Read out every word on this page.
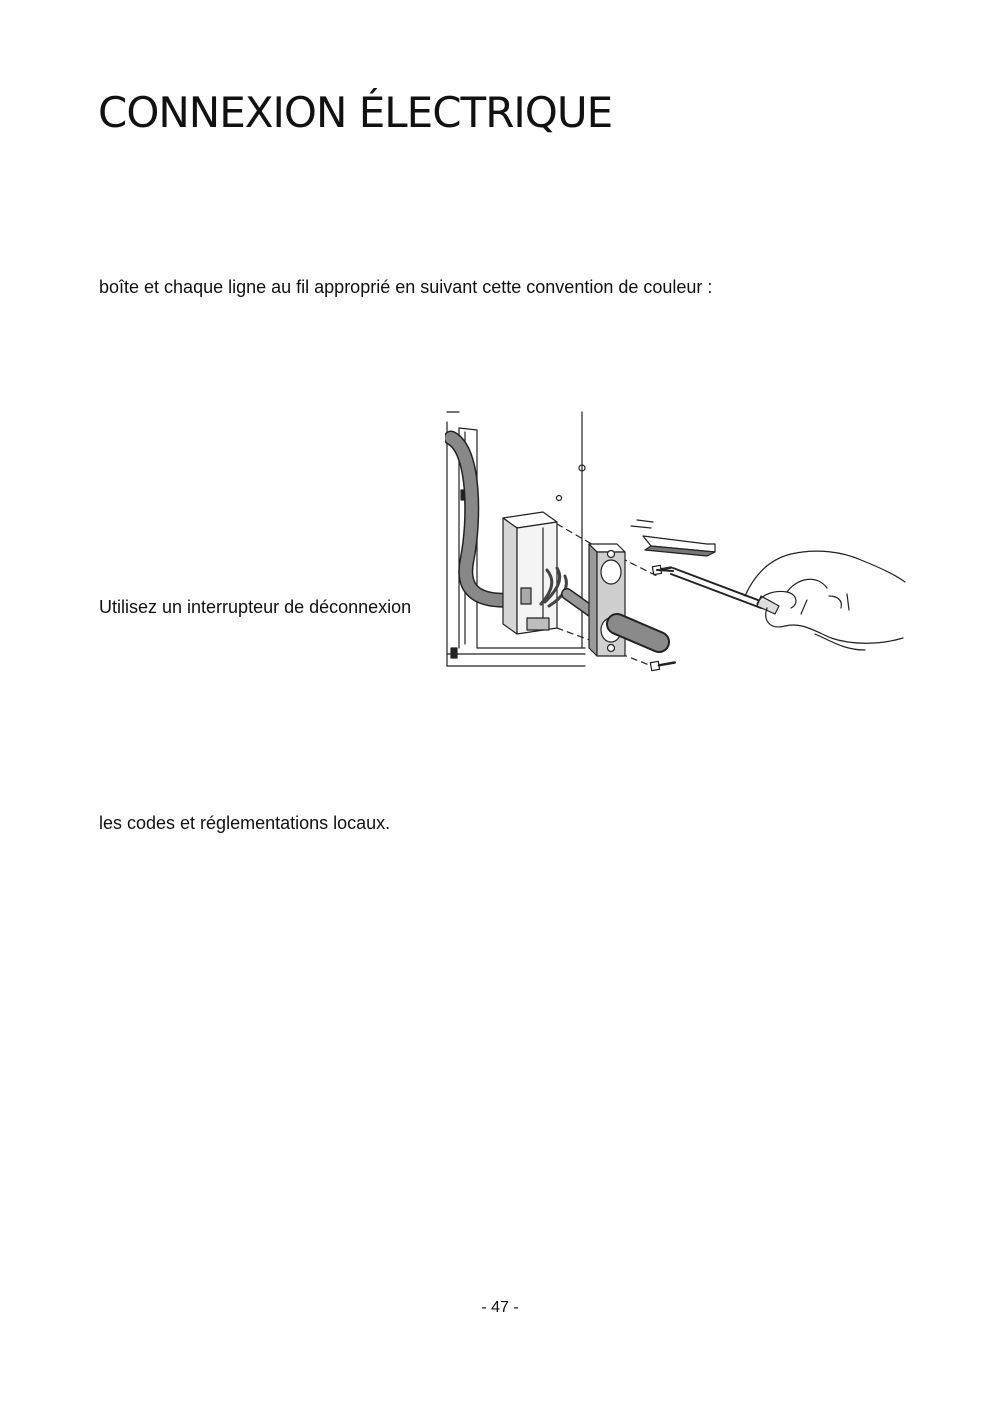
CONNEXION ÉLECTRIQUE
boîte et chaque ligne au fil approprié en suivant cette convention de couleur :
Utilisez un interrupteur de déconnexion
les codes et réglementations locaux.
- 47 -
